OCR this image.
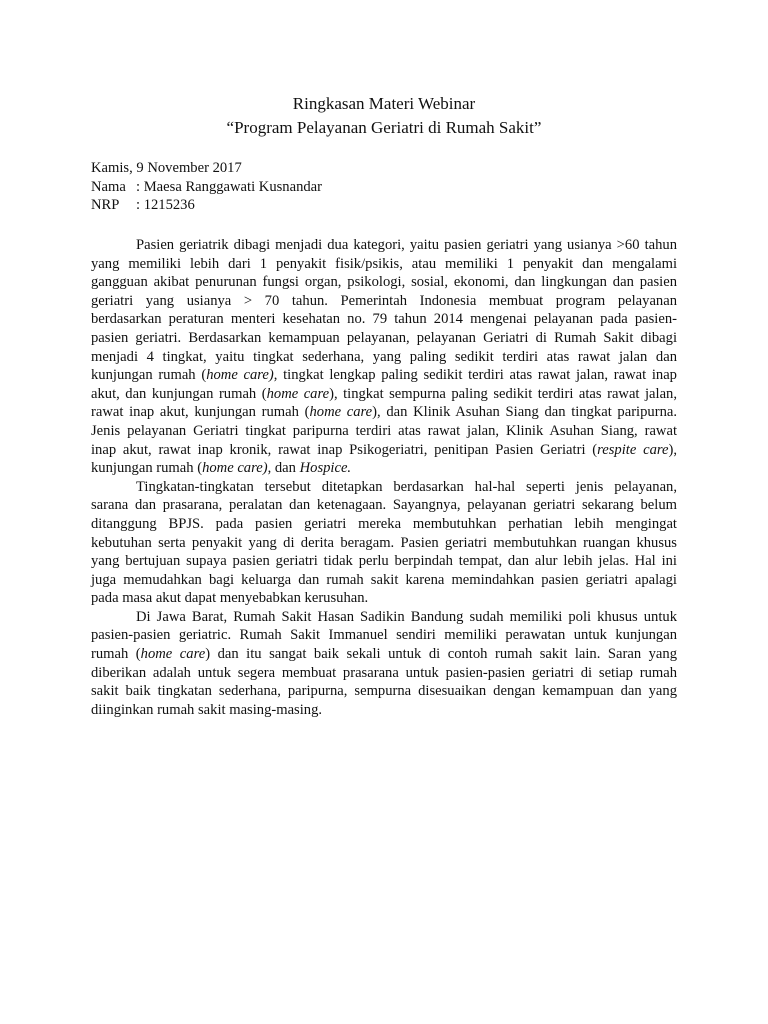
Ringkasan Materi Webinar
“Program Pelayanan Geriatri di Rumah Sakit”
Kamis, 9 November 2017
Nama : Maesa Ranggawati Kusnandar
NRP : 1215236
Pasien geriatrik dibagi menjadi dua kategori, yaitu pasien geriatri yang usianya >60 tahun
yang memiliki lebih dari 1 penyakit fisik/psikis, atau memiliki 1 penyakit dan mengalami
gangguan akibat penurunan fungsi organ, psikologi, sosial, ekonomi, dan lingkungan dan pasien
geriatri yang usianya > 70 tahun. Pemerintah Indonesia membuat program pelayanan
berdasarkan peraturan menteri kesehatan no. 79 tahun 2014 mengenai pelayanan pada pasien-
pasien geriatri. Berdasarkan kemampuan pelayanan, pelayanan Geriatri di Rumah Sakit dibagi
menjadi 4 tingkat, yaitu tingkat sederhana, yang paling sedikit terdiri atas rawat jalan dan
kunjungan rumah (home care), tingkat lengkap paling sedikit terdiri atas rawat jalan, rawat inap
akut, dan kunjungan rumah (home care), tingkat sempurna paling sedikit terdiri atas rawat jalan,
rawat inap akut, kunjungan rumah (home care), dan Klinik Asuhan Siang dan tingkat paripurna.
Jenis pelayanan Geriatri tingkat paripurna terdiri atas rawat jalan, Klinik Asuhan Siang, rawat
inap akut, rawat inap kronik, rawat inap Psikogeriatri, penitipan Pasien Geriatri (respite care),
kunjungan rumah (home care), dan Hospice.
Tingkatan-tingkatan tersebut ditetapkan berdasarkan hal-hal seperti jenis pelayanan,
sarana dan prasarana, peralatan dan ketenagaan. Sayangnya, pelayanan geriatri sekarang belum
ditanggung BPJS. pada pasien geriatri mereka membutuhkan perhatian lebih mengingat
kebutuhan serta penyakit yang di derita beragam. Pasien geriatri membutuhkan ruangan khusus
yang bertujuan supaya pasien geriatri tidak perlu berpindah tempat, dan alur lebih jelas. Hal ini
juga memudahkan bagi keluarga dan rumah sakit karena memindahkan pasien geriatri apalagi
pada masa akut dapat menyebabkan kerusuhan.
Di Jawa Barat, Rumah Sakit Hasan Sadikin Bandung sudah memiliki poli khusus untuk
pasien-pasien geriatric. Rumah Sakit Immanuel sendiri memiliki perawatan untuk kunjungan
rumah (home care) dan itu sangat baik sekali untuk di contoh rumah sakit lain. Saran yang
diberikan adalah untuk segera membuat prasarana untuk pasien-pasien geriatri di setiap rumah
sakit baik tingkatan sederhana, paripurna, sempurna disesuaikan dengan kemampuan dan yang
diinginkan rumah sakit masing-masing.
